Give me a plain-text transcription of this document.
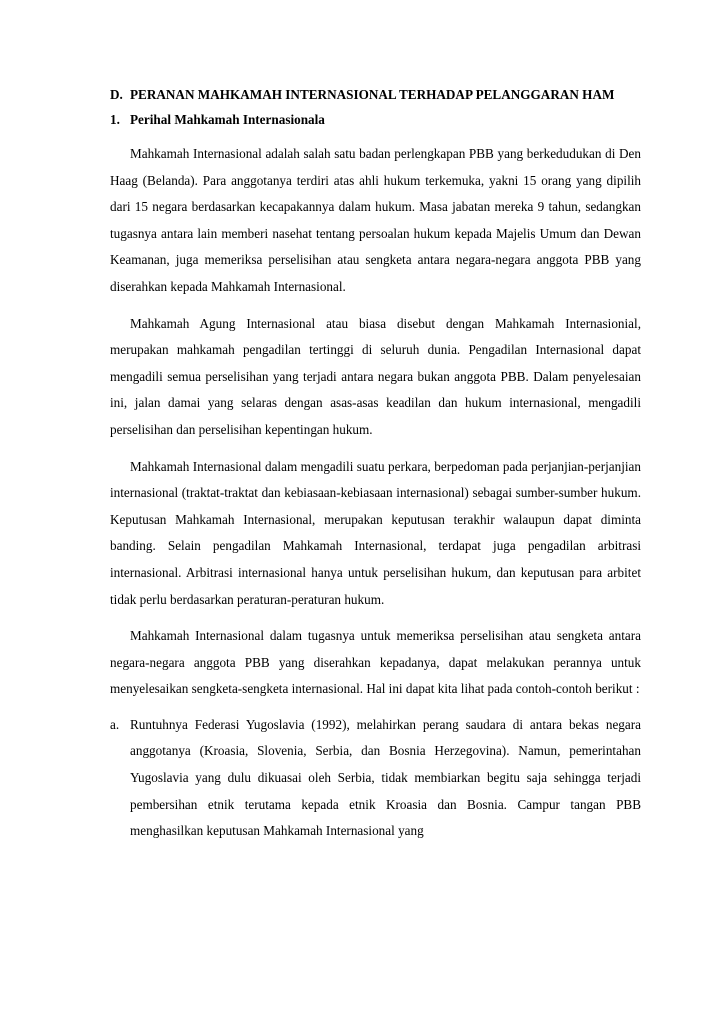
D. PERANAN MAHKAMAH INTERNASIONAL TERHADAP PELANGGARAN HAM
1. Perihal Mahkamah Internasionala

Mahkamah Internasional adalah salah satu badan perlengkapan PBB yang berkedudukan di Den Haag (Belanda). Para anggotanya terdiri atas ahli hukum terkemuka, yakni 15 orang yang dipilih dari 15 negara berdasarkan kecapakannya dalam hukum. Masa jabatan mereka 9 tahun, sedangkan tugasnya antara lain memberi nasehat tentang persoalan hukum kepada Majelis Umum dan Dewan Keamanan, juga memeriksa perselisihan atau sengketa antara negara-negara anggota PBB yang diserahkan kepada Mahkamah Internasional.

Mahkamah Agung Internasional atau biasa disebut dengan Mahkamah Internasionial, merupakan mahkamah pengadilan tertinggi di seluruh dunia. Pengadilan Internasional dapat mengadili semua perselisihan yang terjadi antara negara bukan anggota PBB. Dalam penyelesaian ini, jalan damai yang selaras dengan asas-asas keadilan dan hukum internasional, mengadili perselisihan dan perselisihan kepentingan hukum.

Mahkamah Internasional dalam mengadili suatu perkara, berpedoman pada perjanjian-perjanjian internasional (traktat-traktat dan kebiasaan-kebiasaan internasional) sebagai sumber-sumber hukum. Keputusan Mahkamah Internasional, merupakan keputusan terakhir walaupun dapat diminta banding. Selain pengadilan Mahkamah Internasional, terdapat juga pengadilan arbitrasi internasional. Arbitrasi internasional hanya untuk perselisihan hukum, dan keputusan para arbitet tidak perlu berdasarkan peraturan-peraturan hukum.

Mahkamah Internasional dalam tugasnya untuk memeriksa perselisihan atau sengketa antara negara-negara anggota PBB yang diserahkan kepadanya, dapat melakukan perannya untuk menyelesaikan sengketa-sengketa internasional. Hal ini dapat kita lihat pada contoh-contoh berikut :

a. Runtuhnya Federasi Yugoslavia (1992), melahirkan perang saudara di antara bekas negara anggotanya (Kroasia, Slovenia, Serbia, dan Bosnia Herzegovina). Namun, pemerintahan Yugoslavia yang dulu dikuasai oleh Serbia, tidak membiarkan begitu saja sehingga terjadi pembersihan etnik terutama kepada etnik Kroasia dan Bosnia. Campur tangan PBB menghasilkan keputusan Mahkamah Internasional yang
